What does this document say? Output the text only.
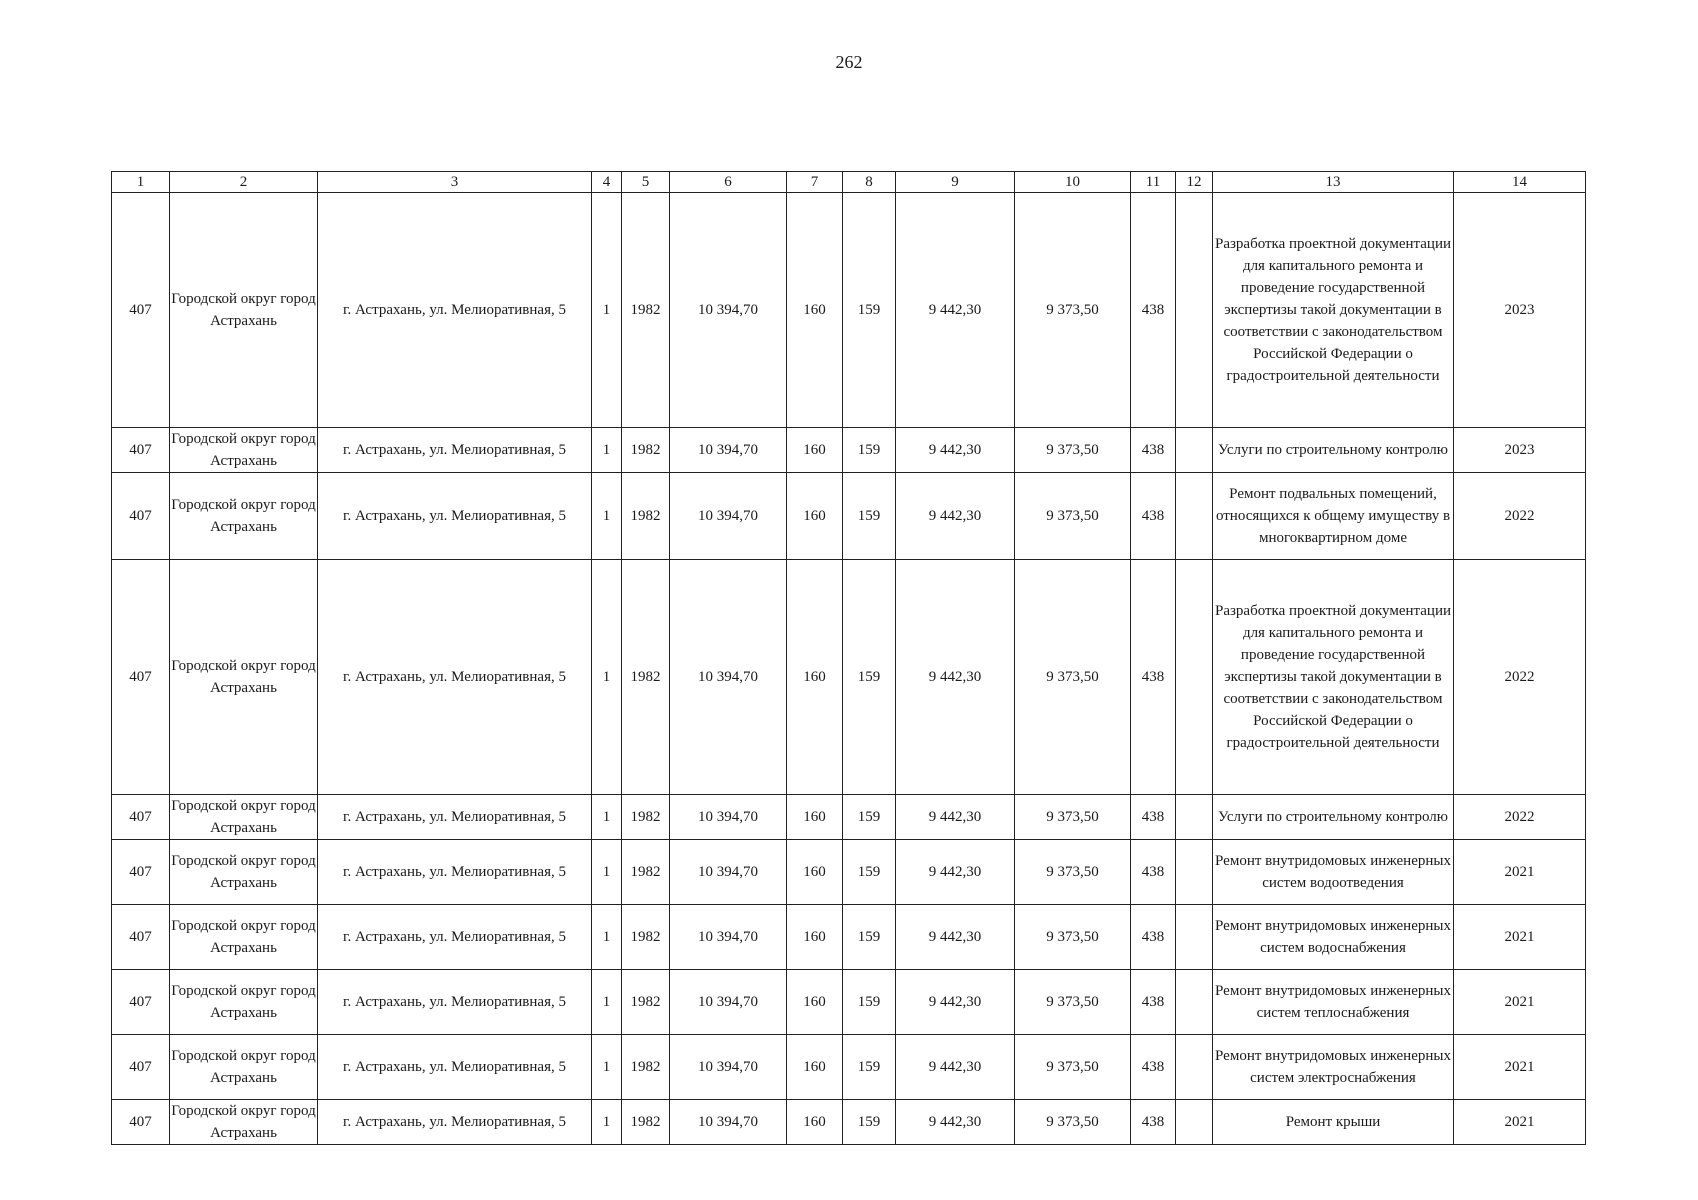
262
1	2	3	4	5	6	7	8	9	10	11	12	13	14
407	Городской округ город Астрахань	г. Астрахань, ул. Мелиоративная, 5	1	1982	10 394,70	160	159	9 442,30	9 373,50	438		Разработка проектной документации для капитального ремонта и проведение государственной экспертизы такой документации в соответствии с законодательством Российской Федерации о градостроительной деятельности	2023
407	Городской округ город Астрахань	г. Астрахань, ул. Мелиоративная, 5	1	1982	10 394,70	160	159	9 442,30	9 373,50	438		Услуги по строительному контролю	2023
407	Городской округ город Астрахань	г. Астрахань, ул. Мелиоративная, 5	1	1982	10 394,70	160	159	9 442,30	9 373,50	438		Ремонт подвальных помещений, относящихся к общему имуществу в многоквартирном доме	2022
407	Городской округ город Астрахань	г. Астрахань, ул. Мелиоративная, 5	1	1982	10 394,70	160	159	9 442,30	9 373,50	438		Разработка проектной документации для капитального ремонта и проведение государственной экспертизы такой документации в соответствии с законодательством Российской Федерации о градостроительной деятельности	2022
407	Городской округ город Астрахань	г. Астрахань, ул. Мелиоративная, 5	1	1982	10 394,70	160	159	9 442,30	9 373,50	438		Услуги по строительному контролю	2022
407	Городской округ город Астрахань	г. Астрахань, ул. Мелиоративная, 5	1	1982	10 394,70	160	159	9 442,30	9 373,50	438		Ремонт внутридомовых инженерных систем водоотведения	2021
407	Городской округ город Астрахань	г. Астрахань, ул. Мелиоративная, 5	1	1982	10 394,70	160	159	9 442,30	9 373,50	438		Ремонт внутридомовых инженерных систем водоснабжения	2021
407	Городской округ город Астрахань	г. Астрахань, ул. Мелиоративная, 5	1	1982	10 394,70	160	159	9 442,30	9 373,50	438		Ремонт внутридомовых инженерных систем теплоснабжения	2021
407	Городской округ город Астрахань	г. Астрахань, ул. Мелиоративная, 5	1	1982	10 394,70	160	159	9 442,30	9 373,50	438		Ремонт внутридомовых инженерных систем электроснабжения	2021
407	Городской округ город Астрахань	г. Астрахань, ул. Мелиоративная, 5	1	1982	10 394,70	160	159	9 442,30	9 373,50	438		Ремонт крыши	2021
